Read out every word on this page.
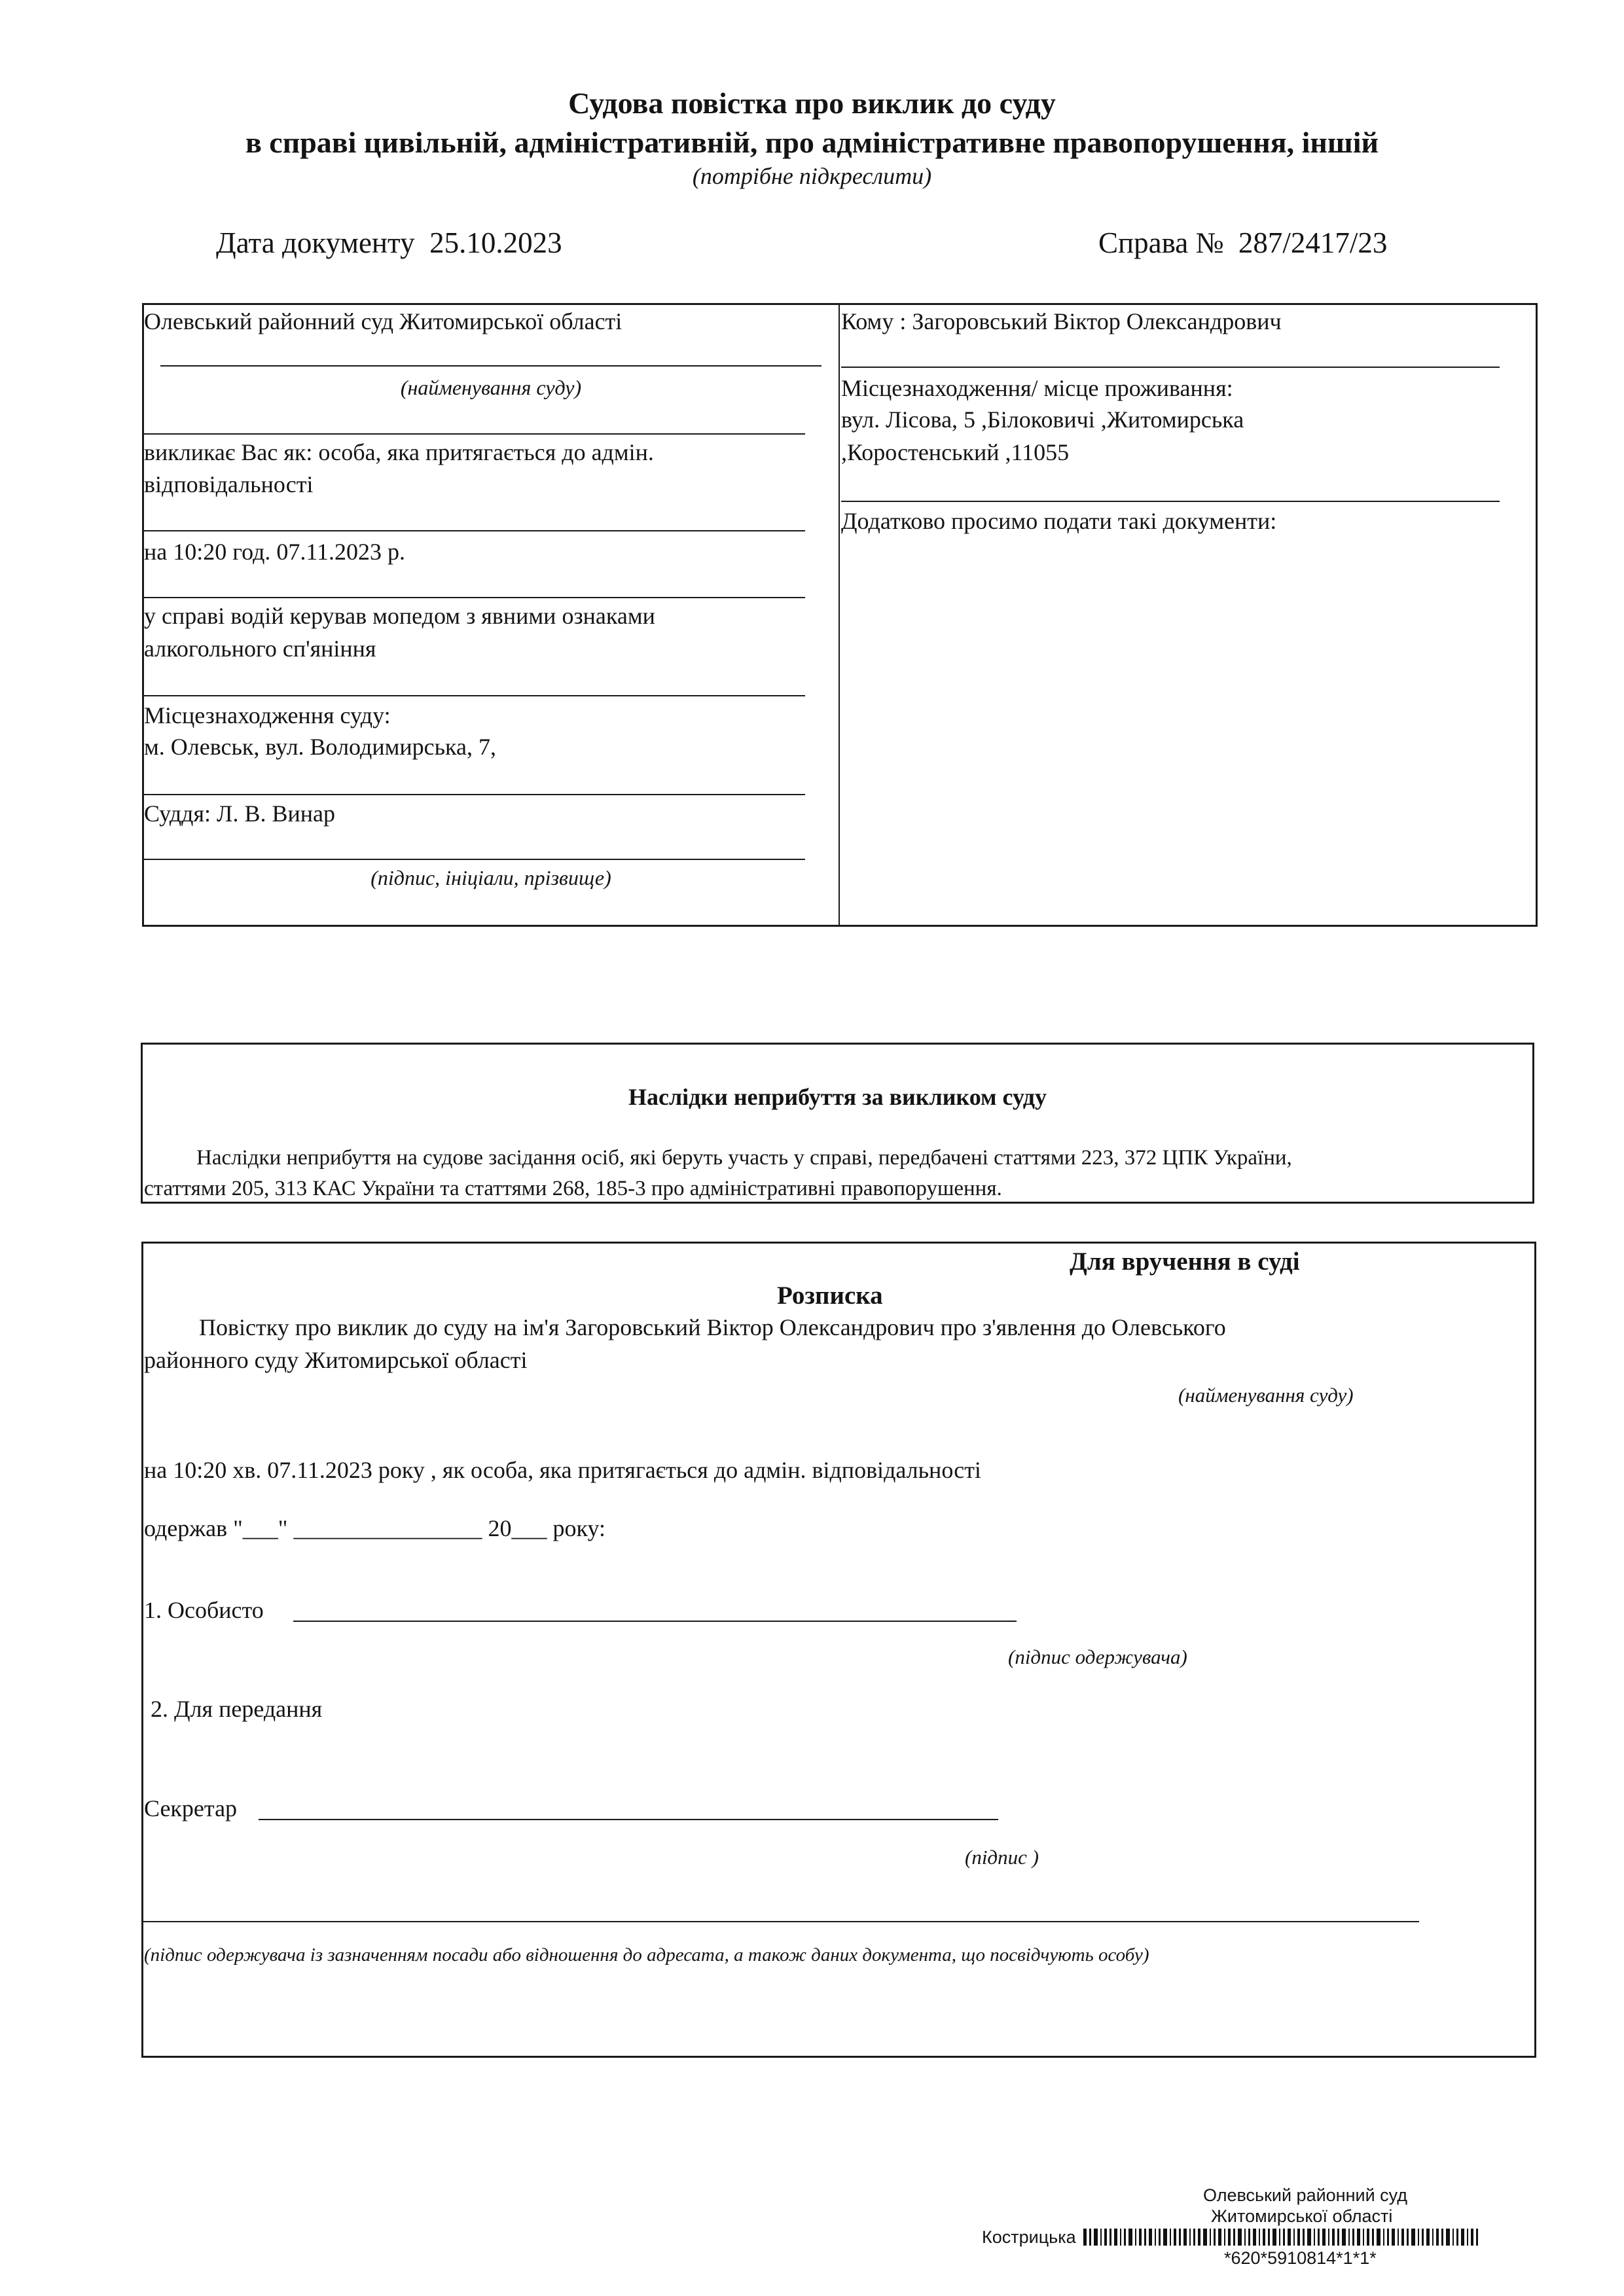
Судова повістка про виклик до суду
в справі цивільній, адміністративній, про адміністративне правопорушення, іншій
(потрібне підкреслити)
Дата документу 25.10.2023	Справа № 287/2417/23
Олевський районний суд Житомирської області
(найменування суду)
викликає Вас як: особа, яка притягається до адмін.
відповідальності
на 10:20 год. 07.11.2023 р.
у справі водій керував мопедом з явними ознаками
алкогольного сп'яніння
Місцезнаходження суду:
м. Олевськ, вул. Володимирська, 7,
Суддя: Л. В. Винар
(підпис, ініціали, прізвище)
Кому : Загоровський Віктор Олександрович
Місцезнаходження/ місце проживання:
вул. Лісова, 5 ,Білоковичі ,Житомирська
,Коростенський ,11055
Додатково просимо подати такі документи:
Наслідки неприбуття за викликом суду
Наслідки неприбуття на судове засідання осіб, які беруть участь у справі, передбачені статтями 223, 372 ЦПК України,
статтями 205, 313 КАС України та статтями 268, 185-3 про адміністративні правопорушення.
Для вручення в суді
Розписка
Повістку про виклик до суду на ім'я Загоровський Віктор Олександрович про з'явлення до Олевського
районного суду Житомирської області
(найменування суду)
на 10:20 хв. 07.11.2023 року , як особа, яка притягається до адмін. відповідальності
одержав "___" ________________ 20___ року:
1. Особисто
(підпис одержувача)
2. Для передання
Секретар
(підпис )
(підпис одержувача із зазначенням посади або відношення до адресата, а також даних документа, що посвідчують особу)
Олевський районний суд
Житомирської області
Кострицька
*620*5910814*1*1*
